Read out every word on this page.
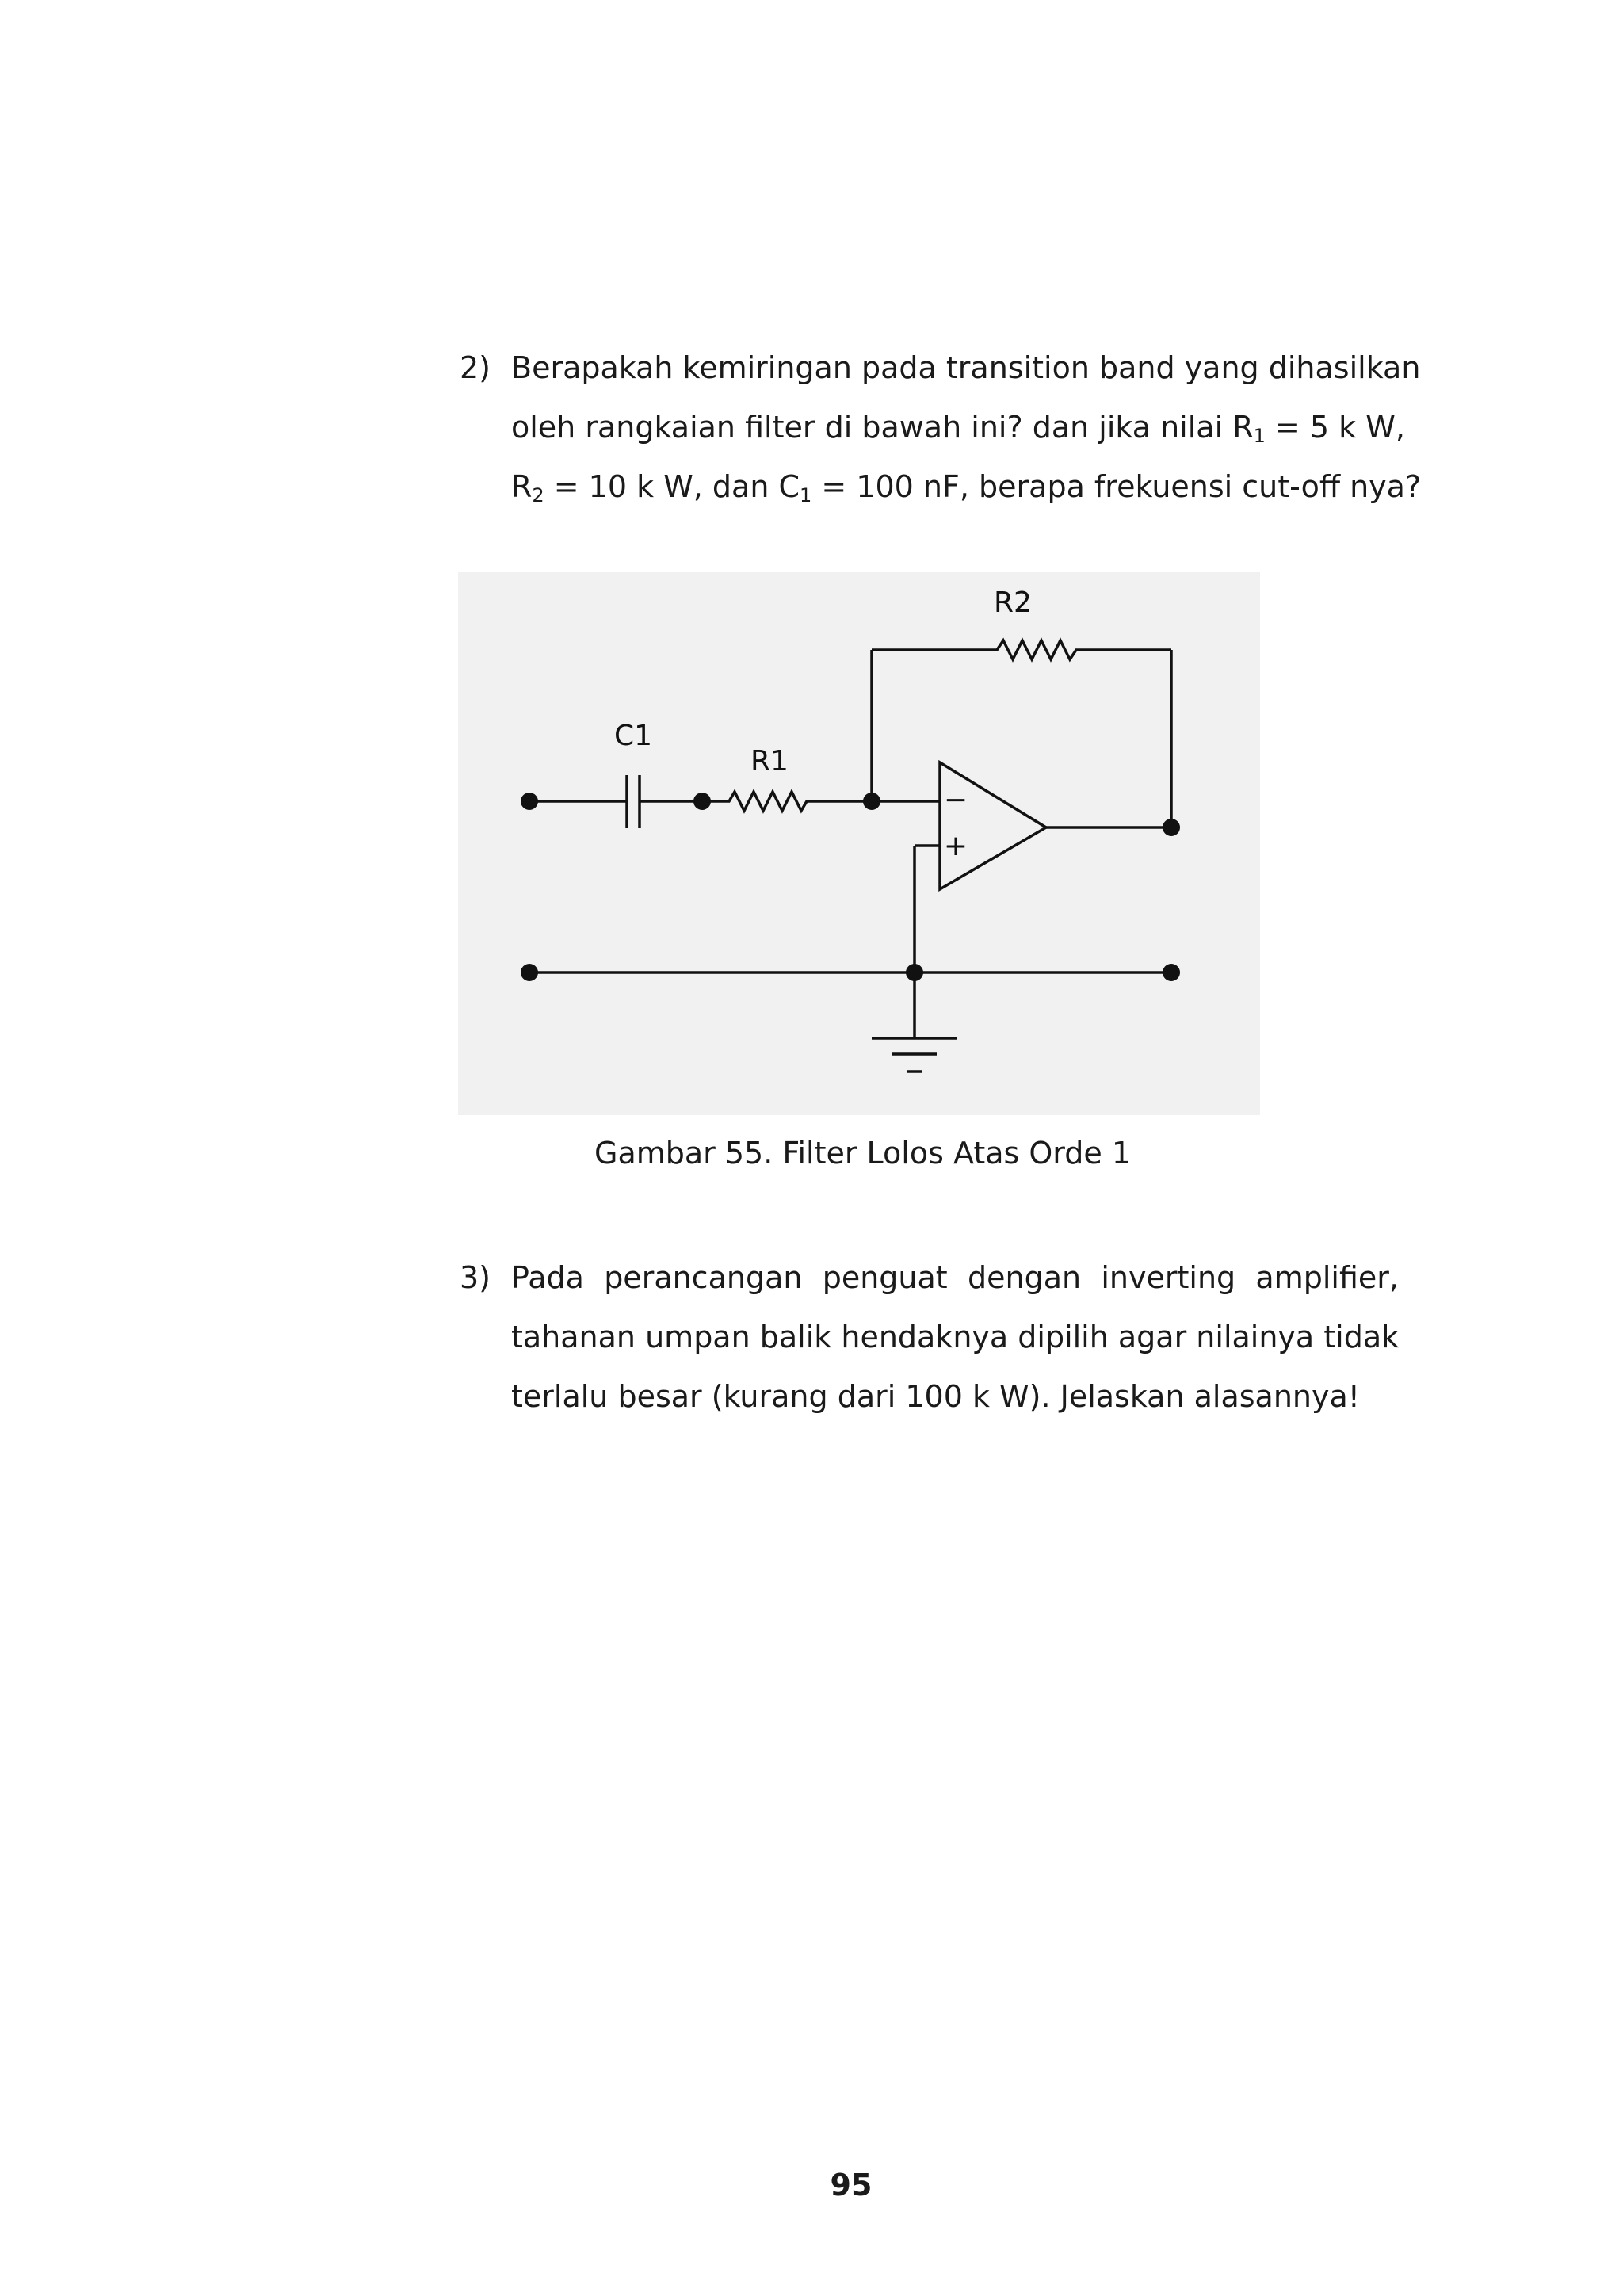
2) Berapakah kemiringan pada transition band yang dihasilkan
oleh rangkaian filter di bawah ini? dan jika nilai $R_1 = 5$ k W,
$R_2 = 10$ k W, dan $C_1 = 100$ nF, berapa frekuensi cut-off nya?
R2
C1
R1
−
+
Gambar 55. Filter Lolos Atas Orde 1
3) Pada perancangan penguat dengan inverting amplifier,
tahanan umpan balik hendaknya dipilih agar nilainya tidak
terlalu besar (kurang dari 100 k W). Jelaskan alasannya!
95
